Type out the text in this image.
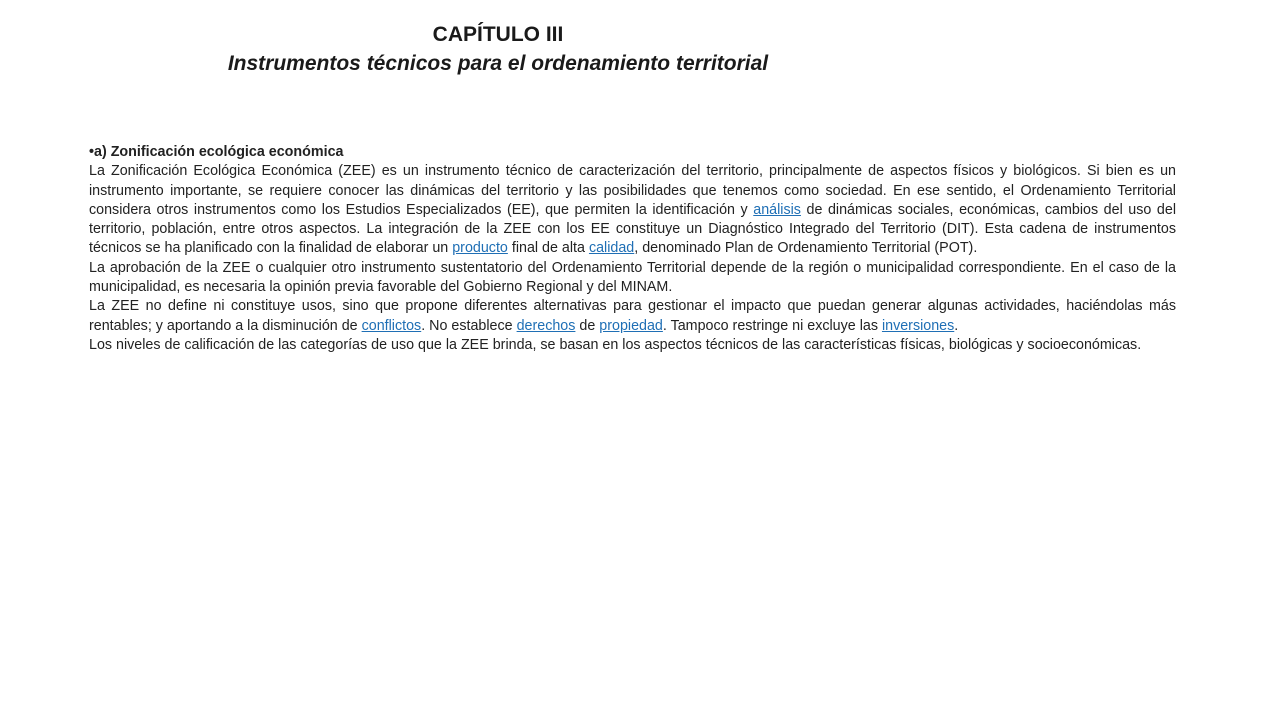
CAPÍTULO III
Instrumentos técnicos para el ordenamiento territorial

•a) Zonificación ecológica económica

La Zonificación Ecológica Económica (ZEE) es un instrumento técnico de caracterización del territorio, principalmente de aspectos físicos y biológicos. Si bien es un instrumento importante, se requiere conocer las dinámicas del territorio y las posibilidades que tenemos como sociedad. En ese sentido, el Ordenamiento Territorial considera otros instrumentos como los Estudios Especializados (EE), que permiten la identificación y análisis de dinámicas sociales, económicas, cambios del uso del territorio, población, entre otros aspectos. La integración de la ZEE con los EE constituye un Diagnóstico Integrado del Territorio (DIT). Esta cadena de instrumentos técnicos se ha planificado con la finalidad de elaborar un producto final de alta calidad, denominado Plan de Ordenamiento Territorial (POT).

La aprobación de la ZEE o cualquier otro instrumento sustentatorio del Ordenamiento Territorial depende de la región o municipalidad correspondiente. En el caso de la municipalidad, es necesaria la opinión previa favorable del Gobierno Regional y del MINAM.

La ZEE no define ni constituye usos, sino que propone diferentes alternativas para gestionar el impacto que puedan generar algunas actividades, haciéndolas más rentables; y aportando a la disminución de conflictos. No establece derechos de propiedad. Tampoco restringe ni excluye las inversiones.

Los niveles de calificación de las categorías de uso que la ZEE brinda, se basan en los aspectos técnicos de las características físicas, biológicas y socioeconómicas.
